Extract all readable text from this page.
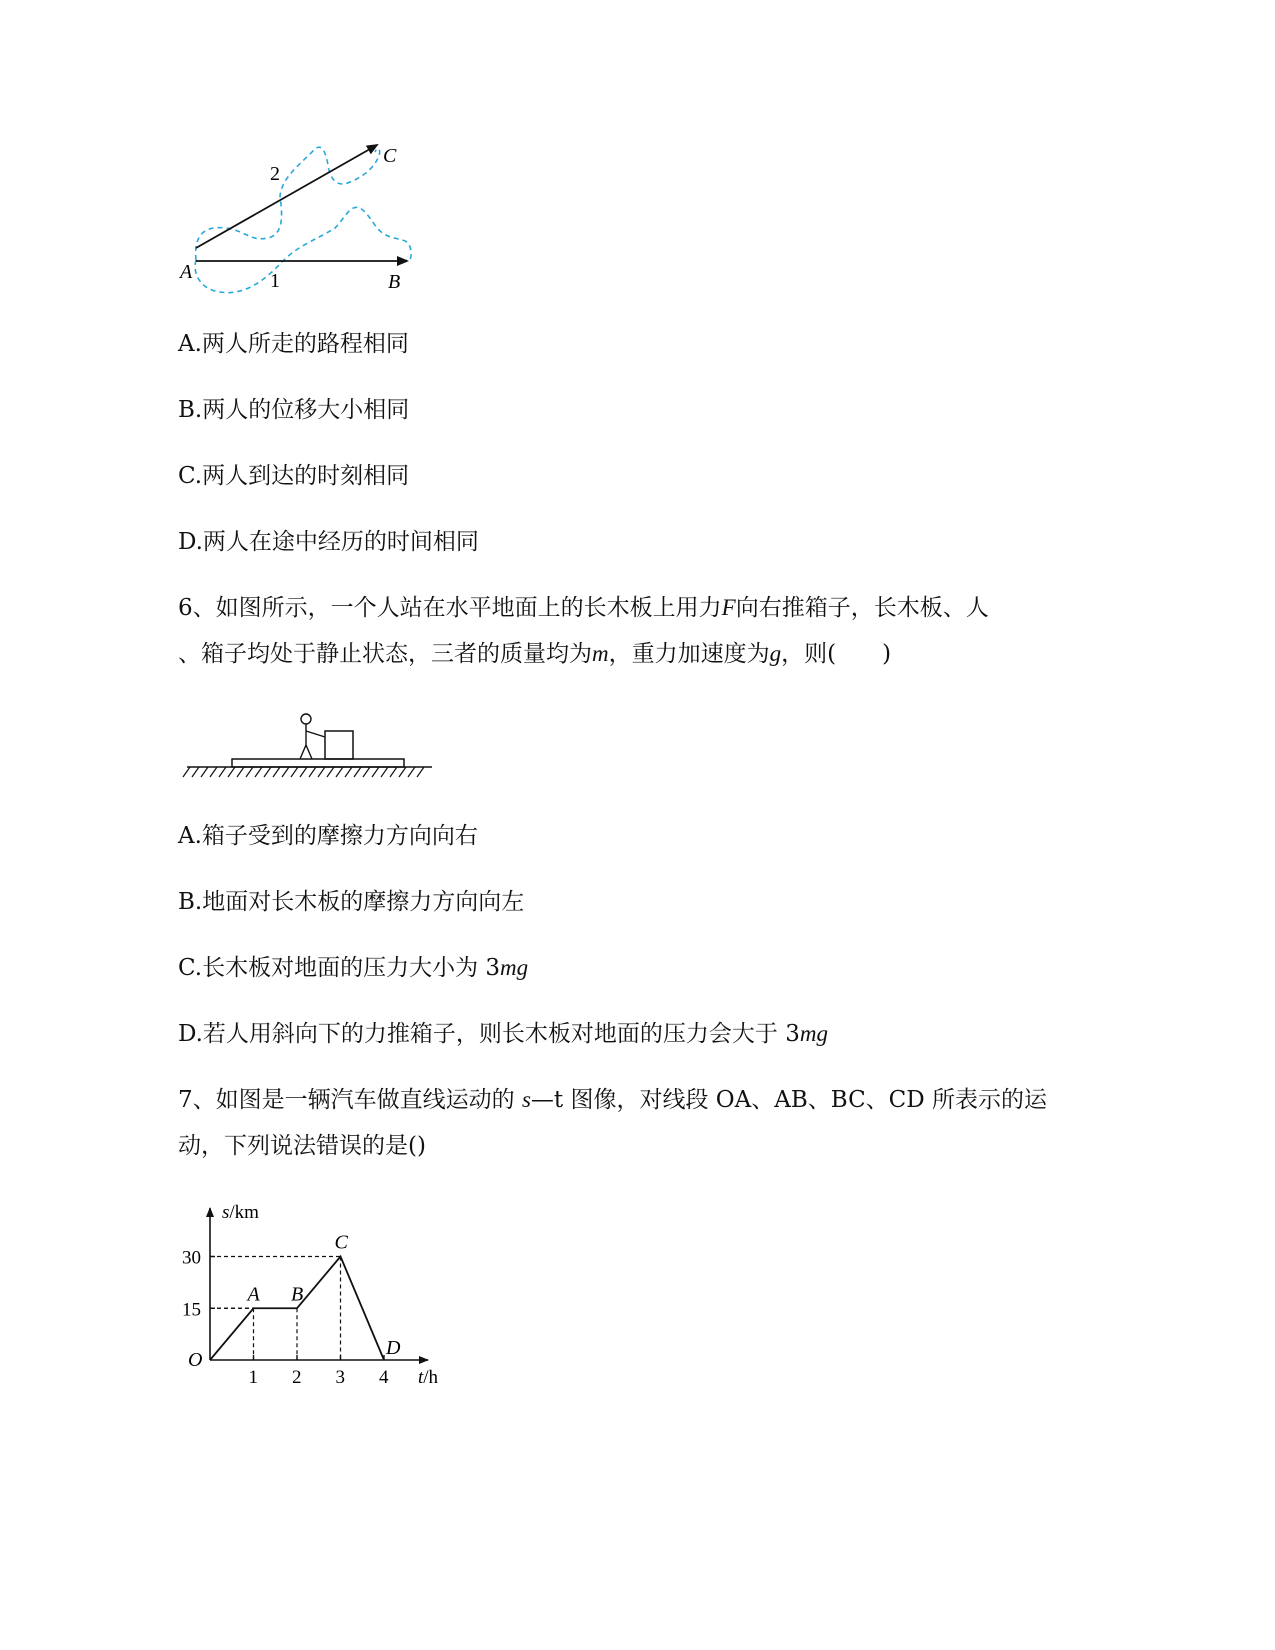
A	B
C
1
2
A.两人所走的路程相同
B.两人的位移大小相同
C.两人到达的时刻相同
D.两人在途中经历的时间相同
6、如图所示，一个人站在水平地面上的长木板上用力F向右推箱子，长木板、人
、箱子均处于静止状态，三者的质量均为m，重力加速度为g，则(　　)
A.箱子受到的摩擦力方向向右
B.地面对长木板的摩擦力方向向左
C.长木板对地面的压力大小为 3mg
D.若人用斜向下的力推箱子，则长木板对地面的压力会大于 3mg
7、如图是一辆汽车做直线运动的 s—t 图像，对线段 OA、AB、BC、CD 所表示的运
动，下列说法错误的是()
s/km
t/h
O
A B
C
D
1 2 3 4
15
30
